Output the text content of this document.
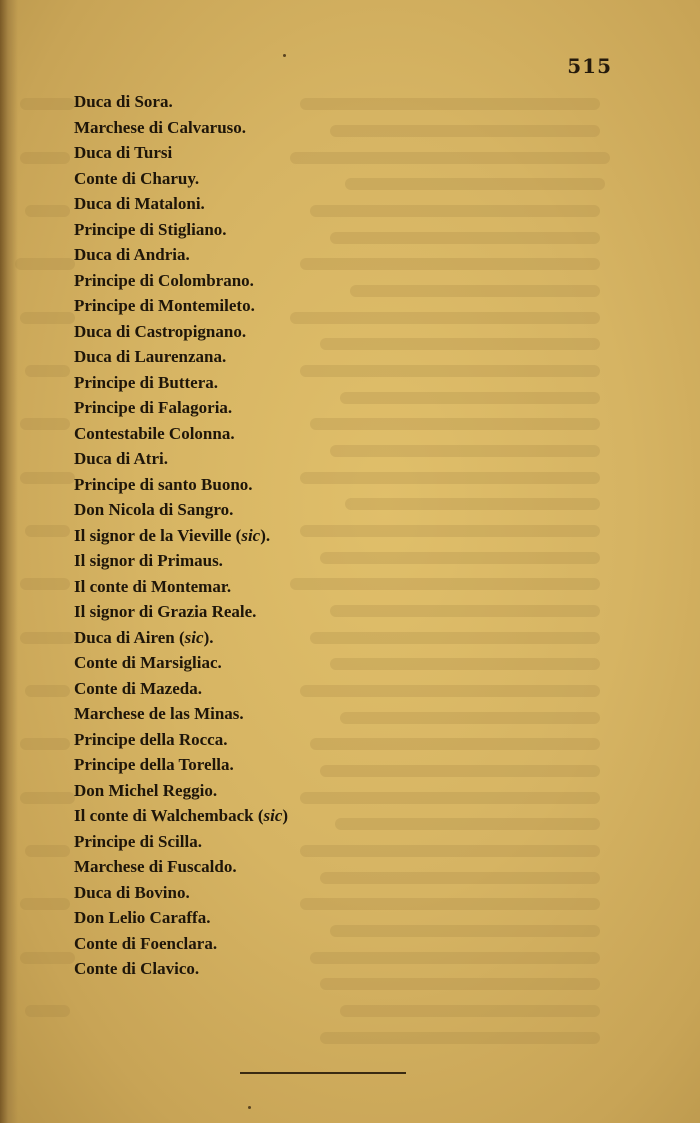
515
Duca di Sora.
Marchese di Calvaruso.
Duca di Tursi
Conte di Charuy.
Duca di Mataloni.
Principe di Stigliano.
Duca di Andria.
Principe di Colombrano.
Principe di Montemileto.
Duca di Castropignano.
Duca di Laurenzana.
Principe di Buttera.
Principe di Falagoria.
Contestabile Colonna.
Duca di Atri.
Principe di santo Buono.
Don Nicola di Sangro.
Il signor de la Vieville (sic).
Il signor di Primaus.
Il conte di Montemar.
Il signor di Grazia Reale.
Duca di Airen (sic).
Conte di Marsigliac.
Conte di Mazeda.
Marchese de las Minas.
Principe della Rocca.
Principe della Torella.
Don Michel Reggio.
Il conte di Walchemback (sic)
Principe di Scilla.
Marchese di Fuscaldo.
Duca di Bovino.
Don Lelio Caraffa.
Conte di Foenclara.
Conte di Clavico.
